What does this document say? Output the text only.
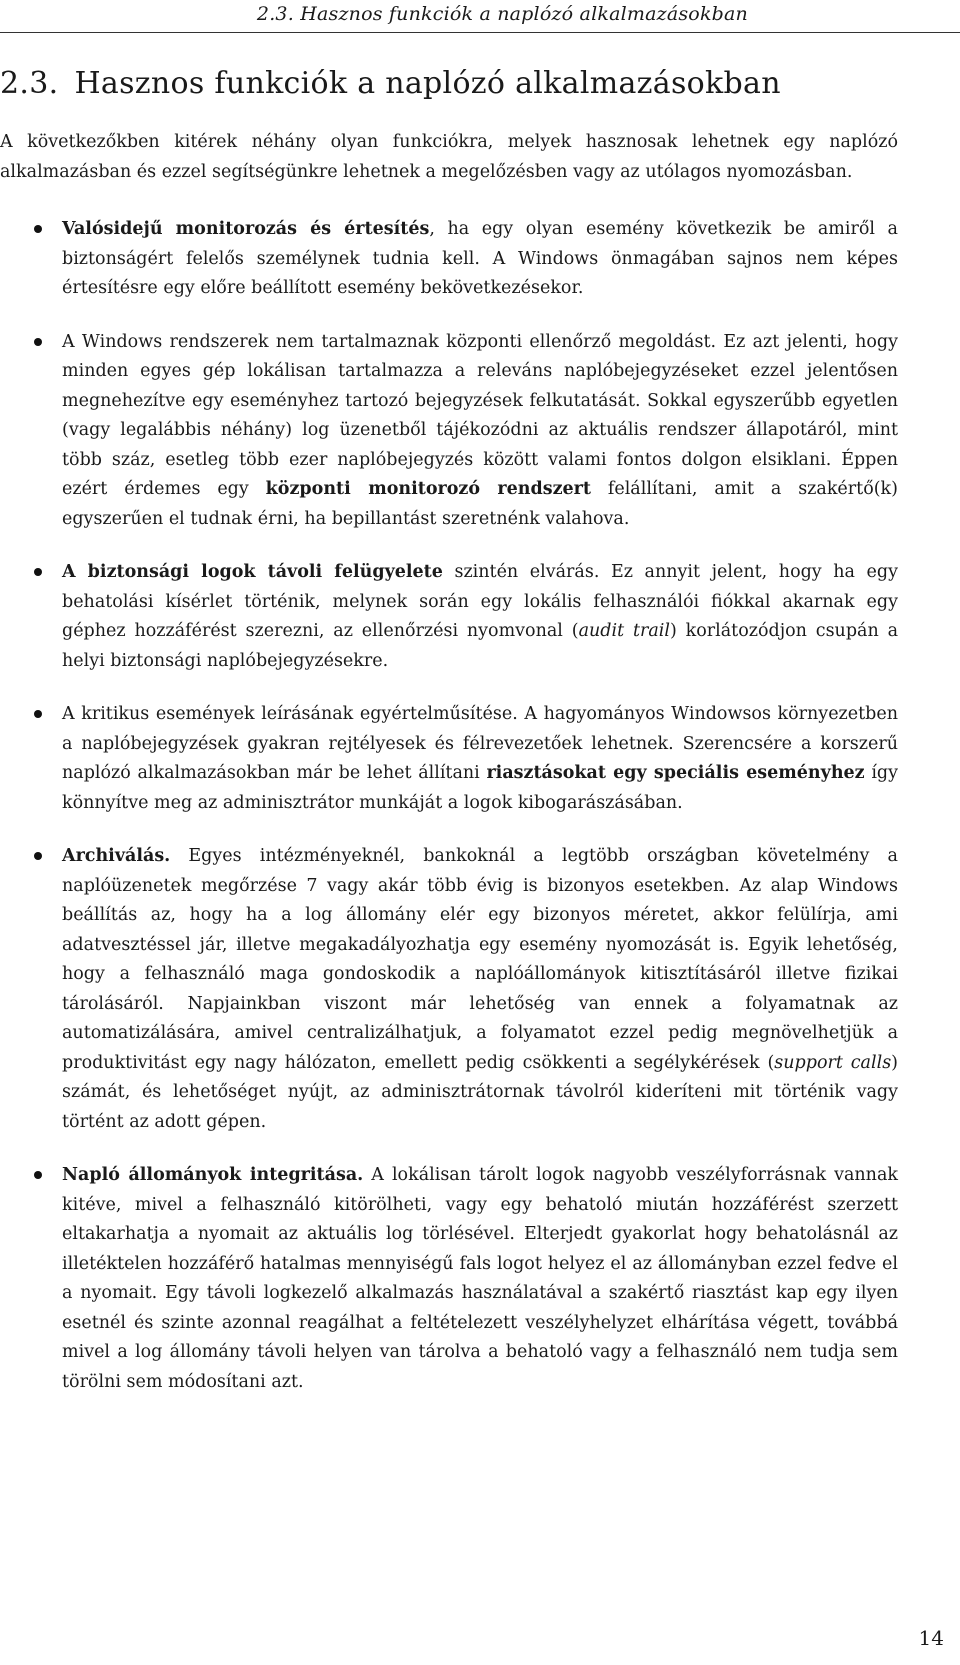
2.3. Hasznos funkciók a naplózó alkalmazásokban
2.3. Hasznos funkciók a naplózó alkalmazásokban

A következőkben kitérek néhány olyan funkciókra, melyek hasznosak lehetnek egy naplózó alkalmazásban és ezzel segítségünkre lehetnek a megelőzésben vagy az utólagos nyomozásban.

Valósidejű monitorozás és értesítés, ha egy olyan esemény következik be amiről a biztonságért felelős személynek tudnia kell. A Windows önmagában sajnos nem képes értesítésre egy előre beállított esemény bekövetkezésekor.
A Windows rendszerek nem tartalmaznak központi ellenőrző megoldást. Ez azt jelenti, hogy minden egyes gép lokálisan tartalmazza a releváns naplóbejegyzéseket ezzel jelentősen megnehezítve egy eseményhez tartozó bejegyzések felkutatását. Sokkal egyszerűbb egyetlen (vagy legalábbis néhány) log üzenetből tájékozódni az aktuális rendszer állapotáról, mint több száz, esetleg több ezer naplóbejegyzés között valami fontos dolgon elsiklani. Éppen ezért érdemes egy központi monitorozó rendszert felállítani, amit a szakértő(k) egyszerűen el tudnak érni, ha bepillantást szeretnénk valahova.
A biztonsági logok távoli felügyelete szintén elvárás. Ez annyit jelent, hogy ha egy behatolási kísérlet történik, melynek során egy lokális felhasználói fiókkal akarnak egy géphez hozzáférést szerezni, az ellenőrzési nyomvonal (audit trail) korlátozódjon csupán a helyi biztonsági naplóbejegyzésekre.
A kritikus események leírásának egyértelműsítése. A hagyományos Windowsos környezetben a naplóbejegyzések gyakran rejtélyesek és félrevezetőek lehetnek. Szerencsére a korszerű naplózó alkalmazásokban már be lehet állítani riasztásokat egy speciális eseményhez így könnyítve meg az adminisztrátor munkáját a logok kibogarászásában.
Archiválás. Egyes intézményeknél, bankoknál a legtöbb országban követelmény a naplóüzenetek megőrzése 7 vagy akár több évig is bizonyos esetekben. Az alap Windows beállítás az, hogy ha a log állomány elér egy bizonyos méretet, akkor felülírja, ami adatvesztéssel jár, illetve megakadályozhatja egy esemény nyomozását is. Egyik lehetőség, hogy a felhasználó maga gondoskodik a naplóállományok kitisztításáról illetve fizikai tárolásáról. Napjainkban viszont már lehetőség van ennek a folyamatnak az automatizálására, amivel centralizálhatjuk, a folyamatot ezzel pedig megnövelhetjük a produktivitást egy nagy hálózaton, emellett pedig csökkenti a segélykérések (support calls) számát, és lehetőséget nyújt, az adminisztrátornak távolról kideríteni mit történik vagy történt az adott gépen.
Napló állományok integritása. A lokálisan tárolt logok nagyobb veszélyforrásnak vannak kitéve, mivel a felhasználó kitörölheti, vagy egy behatoló miután hozzáférést szerzett eltakarhatja a nyomait az aktuális log törlésével. Elterjedt gyakorlat hogy behatolásnál az illetéktelen hozzáférő hatalmas mennyiségű fals logot helyez el az állományban ezzel fedve el a nyomait. Egy távoli logkezelő alkalmazás használatával a szakértő riasztást kap egy ilyen esetnél és szinte azonnal reagálhat a feltételezett veszélyhelyzet elhárítása végett, továbbá mivel a log állomány távoli helyen van tárolva a behatoló vagy a felhasználó nem tudja sem törölni sem módosítani azt.
14
